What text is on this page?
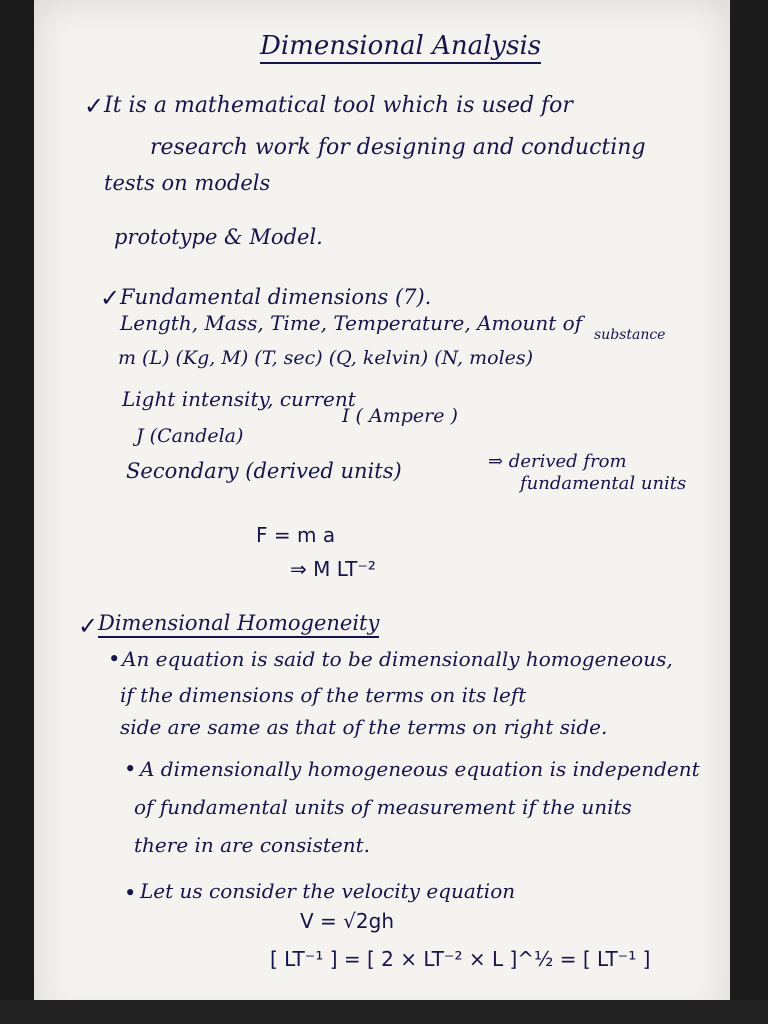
Dimensional Analysis
✓ It is a mathematical tool which is used for
research work for designing and conducting
tests on models
prototype & Model.
✓ Fundamental dimensions (7).
substance
Length, Mass, Time, Temperature, Amount of
m (L) (Kg, M) (T, sec) (Q, kelvin) (N, moles)
Light intensity, current
J (Candela)
I ( Ampere )
Secondary (derived units)	⇒ derived from
fundamental units
F = m a
⇒ M LT⁻²
✓ Dimensional Homogeneity
• An equation is said to be dimensionally homogeneous,
if the dimensions of the terms on its left
side are same as that of the terms on right side.
• A dimensionally homogeneous equation is independent
of fundamental units of measurement if the units
there in are consistent.
• Let us consider the velocity equation
V = √2gh
[ LT⁻¹ ] = [ 2 × LT⁻² × L ]^½ = [ LT⁻¹ ]
